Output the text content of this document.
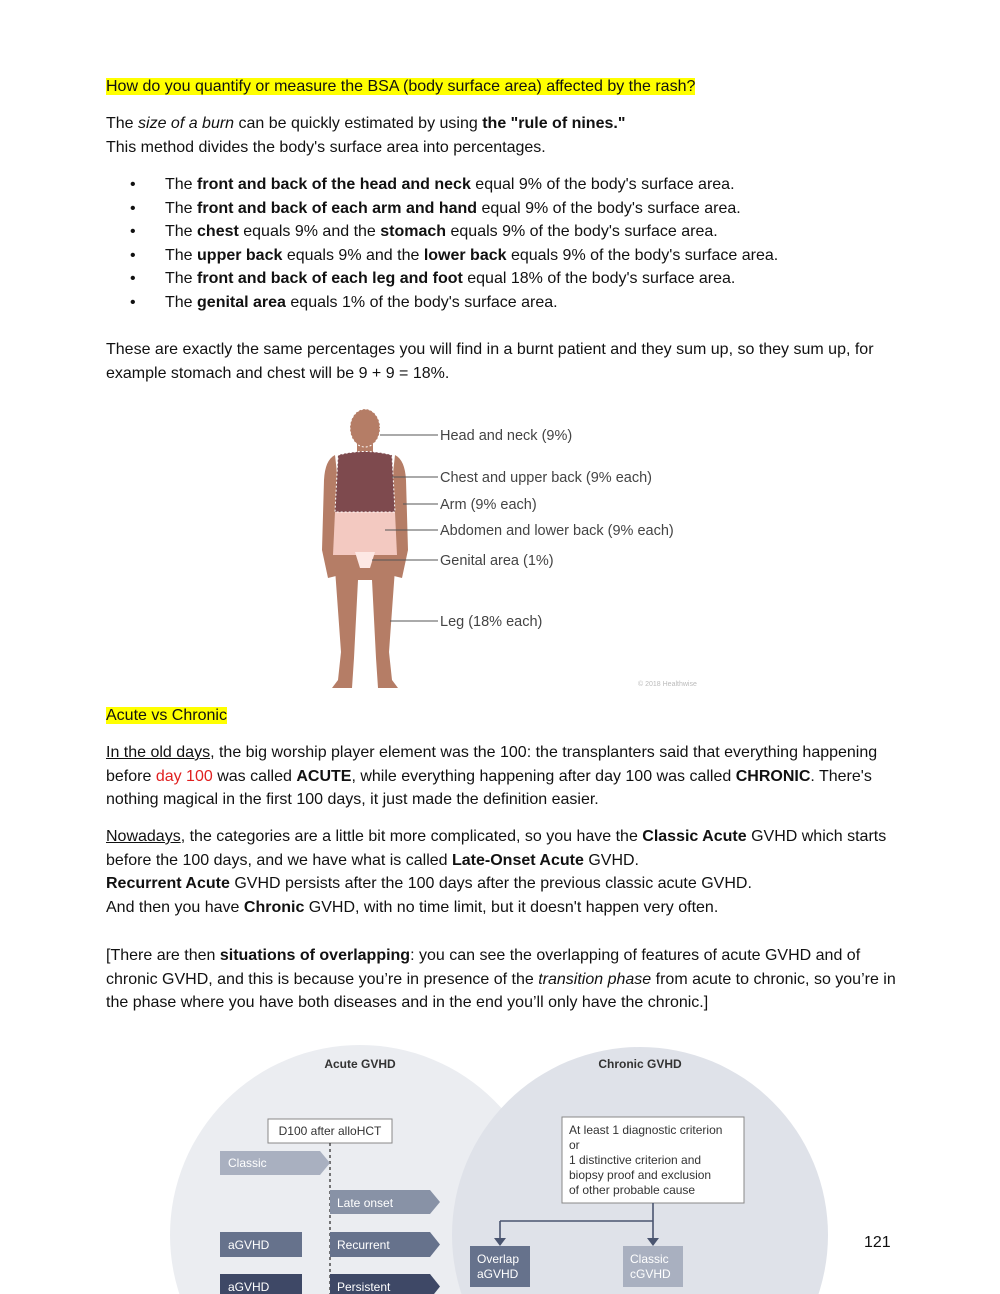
How do you quantify or measure the BSA (body surface area) affected by the rash?

The size of a burn can be quickly estimated by using the "rule of nines."
This method divides the body's surface area into percentages.

• The front and back of the head and neck equal 9% of the body's surface area.
• The front and back of each arm and hand equal 9% of the body's surface area.
• The chest equals 9% and the stomach equals 9% of the body's surface area.
• The upper back equals 9% and the lower back equals 9% of the body's surface area.
• The front and back of each leg and foot equal 18% of the body's surface area.
• The genital area equals 1% of the body's surface area.

These are exactly the same percentages you will find in a burnt patient and they sum up, so they sum up, for example stomach and chest will be 9 + 9 = 18%.

Head and neck (9%)
Chest and upper back (9% each)
Arm (9% each)
Abdomen and lower back (9% each)
Genital area (1%)
Leg (18% each)
© 2018 Healthwise

Acute vs Chronic

In the old days, the big worship player element was the 100: the transplanters said that everything happening before day 100 was called ACUTE, while everything happening after day 100 was called CHRONIC. There's nothing magical in the first 100 days, it just made the definition easier.

Nowadays, the categories are a little bit more complicated, so you have the Classic Acute GVHD which starts before the 100 days, and we have what is called Late-Onset Acute GVHD.
Recurrent Acute GVHD persists after the 100 days after the previous classic acute GVHD.
And then you have Chronic GVHD, with no time limit, but it doesn't happen very often.

[There are then situations of overlapping: you can see the overlapping of features of acute GVHD and of chronic GVHD, and this is because you’re in presence of the transition phase from acute to chronic, so you’re in the phase where you have both diseases and in the end you’ll only have the chronic.]

Acute GVHD	Chronic GVHD
D100 after alloHCT
Classic
Late onset
aGVHD	Recurrent
aGVHD	Persistent
At least 1 diagnostic criterion
or
1 distinctive criterion and
biopsy proof and exclusion
of other probable cause
Overlap
aGVHD
Classic
cGVHD
121
